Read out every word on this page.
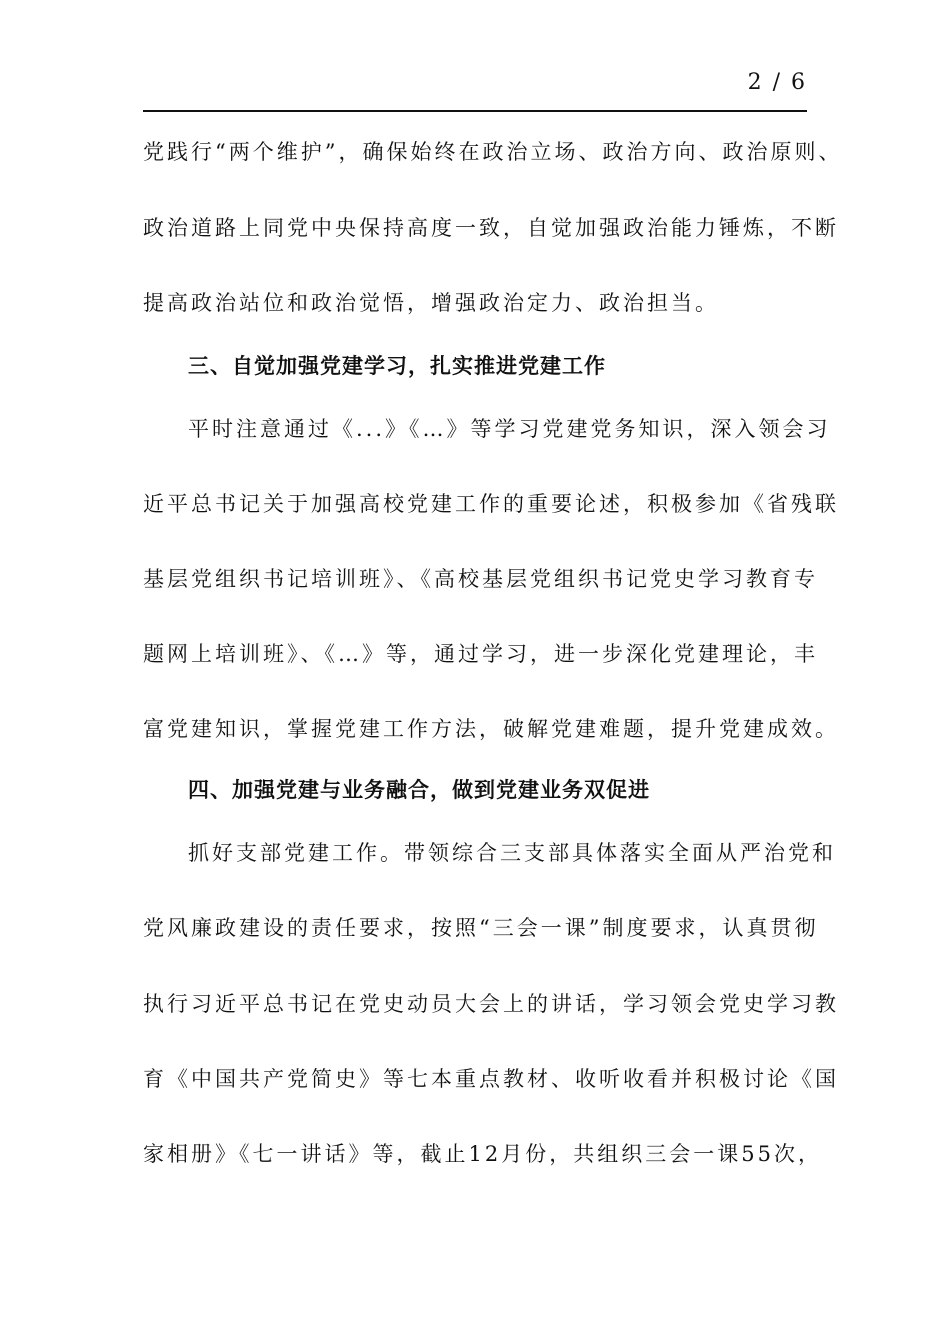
2 / 6
党践行“两个维护”，确保始终在政治立场、政治方向、政治原则、
政治道路上同党中央保持高度一致，自觉加强政治能力锤炼，不断
提高政治站位和政治觉悟，增强政治定力、政治担当。
三、自觉加强党建学习，扎实推进党建工作
平时注意通过《...》《…》等学习党建党务知识，深入领会习
近平总书记关于加强高校党建工作的重要论述，积极参加《省残联
基层党组织书记培训班》、《高校基层党组织书记党史学习教育专
题网上培训班》、《…》等，通过学习，进一步深化党建理论，丰
富党建知识，掌握党建工作方法，破解党建难题，提升党建成效。
四、加强党建与业务融合，做到党建业务双促进
抓好支部党建工作。带领综合三支部具体落实全面从严治党和
党风廉政建设的责任要求，按照“三会一课”制度要求，认真贯彻
执行习近平总书记在党史动员大会上的讲话，学习领会党史学习教
育《中国共产党简史》等七本重点教材、收听收看并积极讨论《国
家相册》《七一讲话》等，截止12月份，共组织三会一课55次，
